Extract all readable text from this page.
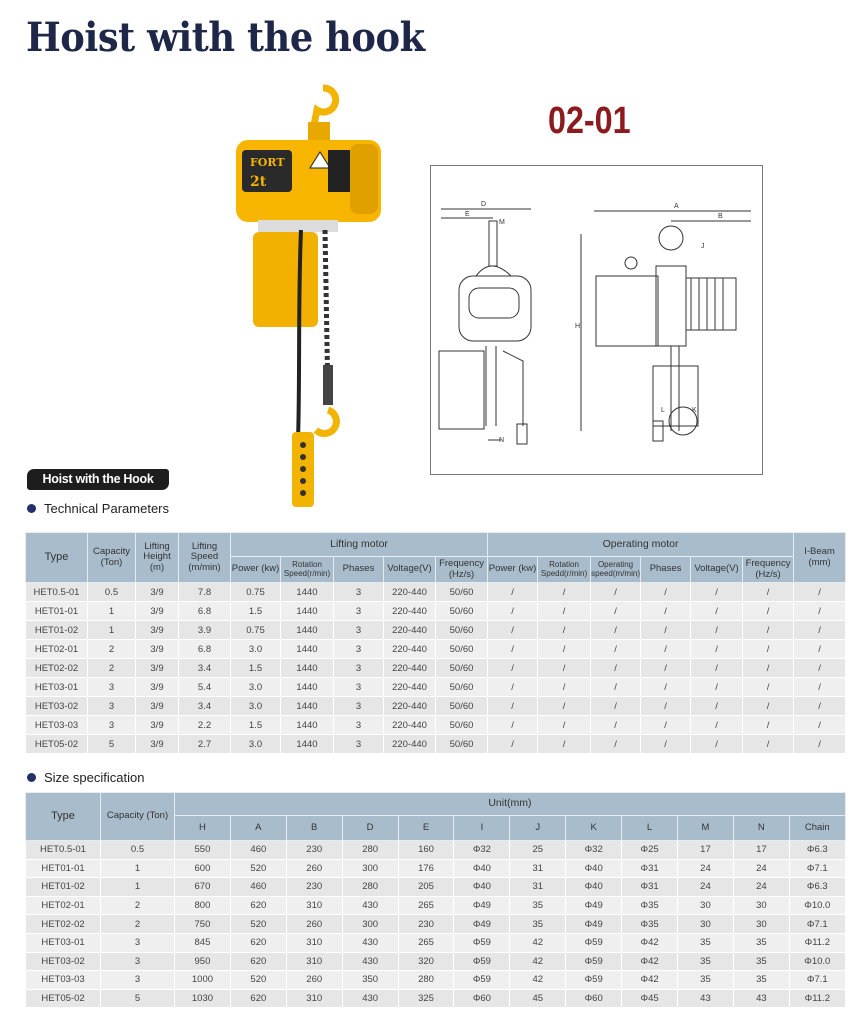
Hoist with the hook
02-01
FORT
2t
D
E
M
N
A
B
J
H
L	K
Hoist with the Hook
Technical Parameters
Type	Capacity (Ton)	Lifting Height (m)	Lifting Speed (m/min)	Lifting motor					Operating motor						I-Beam (mm)
				Power (kw)	Rotation Speed(r/min)	Phases	Voltage(V)	Frequency (Hz/s)	Power (kw)	Rotation Spedd(r/min)	Operating speed(m/min)	Phases	Voltage(V)	Frequency (Hz/s)	
HET0.5-01	0.5	3/9	7.8	0.75	1440	3	220-440	50/60	/	/	/	/	/	/	/
HET01-01	1	3/9	6.8	1.5	1440	3	220-440	50/60	/	/	/	/	/	/	/
HET01-02	1	3/9	3.9	0.75	1440	3	220-440	50/60	/	/	/	/	/	/	/
HET02-01	2	3/9	6.8	3.0	1440	3	220-440	50/60	/	/	/	/	/	/	/
HET02-02	2	3/9	3.4	1.5	1440	3	220-440	50/60	/	/	/	/	/	/	/
HET03-01	3	3/9	5.4	3.0	1440	3	220-440	50/60	/	/	/	/	/	/	/
HET03-02	3	3/9	3.4	3.0	1440	3	220-440	50/60	/	/	/	/	/	/	/
HET03-03	3	3/9	2.2	1.5	1440	3	220-440	50/60	/	/	/	/	/	/	/
HET05-02	5	3/9	2.7	3.0	1440	3	220-440	50/60	/	/	/	/	/	/	/
Size specification
Type	Capacity (Ton)	Unit(mm)											
		H	A	B	D	E	I	J	K	L	M	N	Chain
HET0.5-01	0.5	550	460	230	280	160	Φ32	25	Φ32	Φ25	17	17	Φ6.3
HET01-01	1	600	520	260	300	176	Φ40	31	Φ40	Φ31	24	24	Φ7.1
HET01-02	1	670	460	230	280	205	Φ40	31	Φ40	Φ31	24	24	Φ6.3
HET02-01	2	800	620	310	430	265	Φ49	35	Φ49	Φ35	30	30	Φ10.0
HET02-02	2	750	520	260	300	230	Φ49	35	Φ49	Φ35	30	30	Φ7.1
HET03-01	3	845	620	310	430	265	Φ59	42	Φ59	Φ42	35	35	Φ11.2
HET03-02	3	950	620	310	430	320	Φ59	42	Φ59	Φ42	35	35	Φ10.0
HET03-03	3	1000	520	260	350	280	Φ59	42	Φ59	Φ42	35	35	Φ7.1
HET05-02	5	1030	620	310	430	325	Φ60	45	Φ60	Φ45	43	43	Φ11.2
